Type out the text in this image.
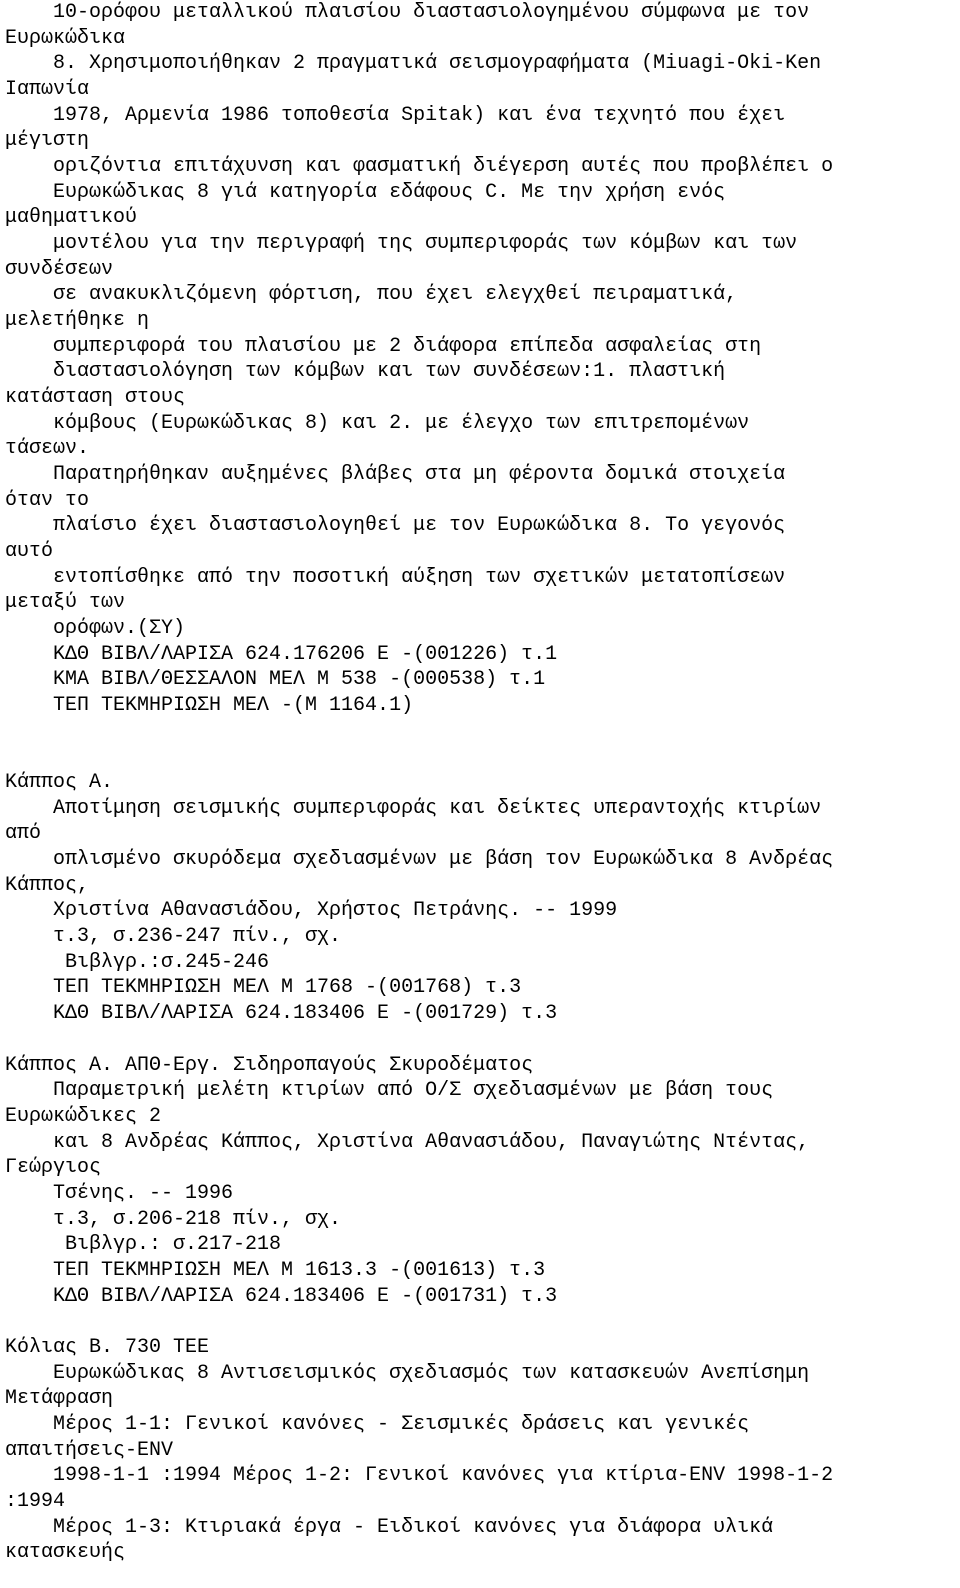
10-ορόφου μεταλλικού πλαισίου διαστασιολογημένου σύμφωνα με τον

Ευρωκώδικα

8. Χρησιμοποιήθηκαν 2 πραγματικά σεισμογραφήματα (Miuagi-Oki-Ken

Ιαπωνία

1978, Αρμενία 1986 τοποθεσία Spitak) και ένα τεχνητό που έχει

μέγιστη

οριζόντια επιτάχυνση και φασματική διέγερση αυτές που προβλέπει ο

Ευρωκώδικας 8 γιά κατηγορία εδάφους C. Με την χρήση ενός

μαθηματικού

μοντέλου για την περιγραφή της συμπεριφοράς των κόμβων και των

συνδέσεων

σε ανακυκλιζόμενη φόρτιση, που έχει ελεγχθεί πειραματικά,

μελετήθηκε η

συμπεριφορά του πλαισίου με 2 διάφορα επίπεδα ασφαλείας στη

διαστασιολόγηση των κόμβων και των συνδέσεων:1. πλαστική

κατάσταση στους

κόμβους (Ευρωκώδικας 8) και 2. με έλεγχο των επιτρεπομένων

τάσεων.

Παρατηρήθηκαν αυξημένες βλάβες στα μη φέροντα δομικά στοιχεία

όταν το

πλαίσιο έχει διαστασιολογηθεί με τον Ευρωκώδικα 8. Το γεγονός

αυτό

εντοπίσθηκε από την ποσοτική αύξηση των σχετικών μετατοπίσεων

μεταξύ των

ορόφων.(ΣΥ)

ΚΔΘ ΒΙΒΛ/ΛΑΡΙΣΑ 624.176206 Ε -(001226) τ.1

ΚΜΑ ΒΙΒΛ/ΘΕΣΣΑΛΟΝ ΜΕΛ Μ 538 -(000538) τ.1

ΤΕΠ ΤΕΚΜΗΡΙΩΣΗ ΜΕΛ -(Μ 1164.1)

Κάππος Α.

Αποτίμηση σεισμικής συμπεριφοράς και δείκτες υπεραντοχής κτιρίων

από

οπλισμένο σκυρόδεμα σχεδιασμένων με βάση τον Ευρωκώδικα 8 Ανδρέας

Κάππος,

Χριστίνα Αθανασιάδου, Χρήστος Πετράνης. -- 1999

τ.3, σ.236-247 πίν., σχ.

Βιβλγρ.:σ.245-246

ΤΕΠ ΤΕΚΜΗΡΙΩΣΗ ΜΕΛ Μ 1768 -(001768) τ.3

ΚΔΘ ΒΙΒΛ/ΛΑΡΙΣΑ 624.183406 Ε -(001729) τ.3

Κάππος Α. ΑΠΘ-Εργ. Σιδηροπαγούς Σκυροδέματος

Παραμετρική μελέτη κτιρίων από Ο/Σ σχεδιασμένων με βάση τους

Ευρωκώδικες 2

και 8 Ανδρέας Κάππος, Χριστίνα Αθανασιάδου, Παναγιώτης Ντέντας,

Γεώργιος

Τσένης. -- 1996

τ.3, σ.206-218 πίν., σχ.

Βιβλγρ.: σ.217-218

ΤΕΠ ΤΕΚΜΗΡΙΩΣΗ ΜΕΛ Μ 1613.3 -(001613) τ.3

ΚΔΘ ΒΙΒΛ/ΛΑΡΙΣΑ 624.183406 Ε -(001731) τ.3

Κόλιας Β. 730 ΤΕΕ

Ευρωκώδικας 8 Αντισεισμικός σχεδιασμός των κατασκευών Ανεπίσημη

Μετάφραση

Μέρος 1-1: Γενικοί κανόνες - Σεισμικές δράσεις και γενικές

απαιτήσεις-ENV

1998-1-1 :1994 Μέρος 1-2: Γενικοί κανόνες για κτίρια-ENV 1998-1-2

:1994

Μέρος 1-3: Κτιριακά έργα - Ειδικοί κανόνες για διάφορα υλικά

κατασκευής
